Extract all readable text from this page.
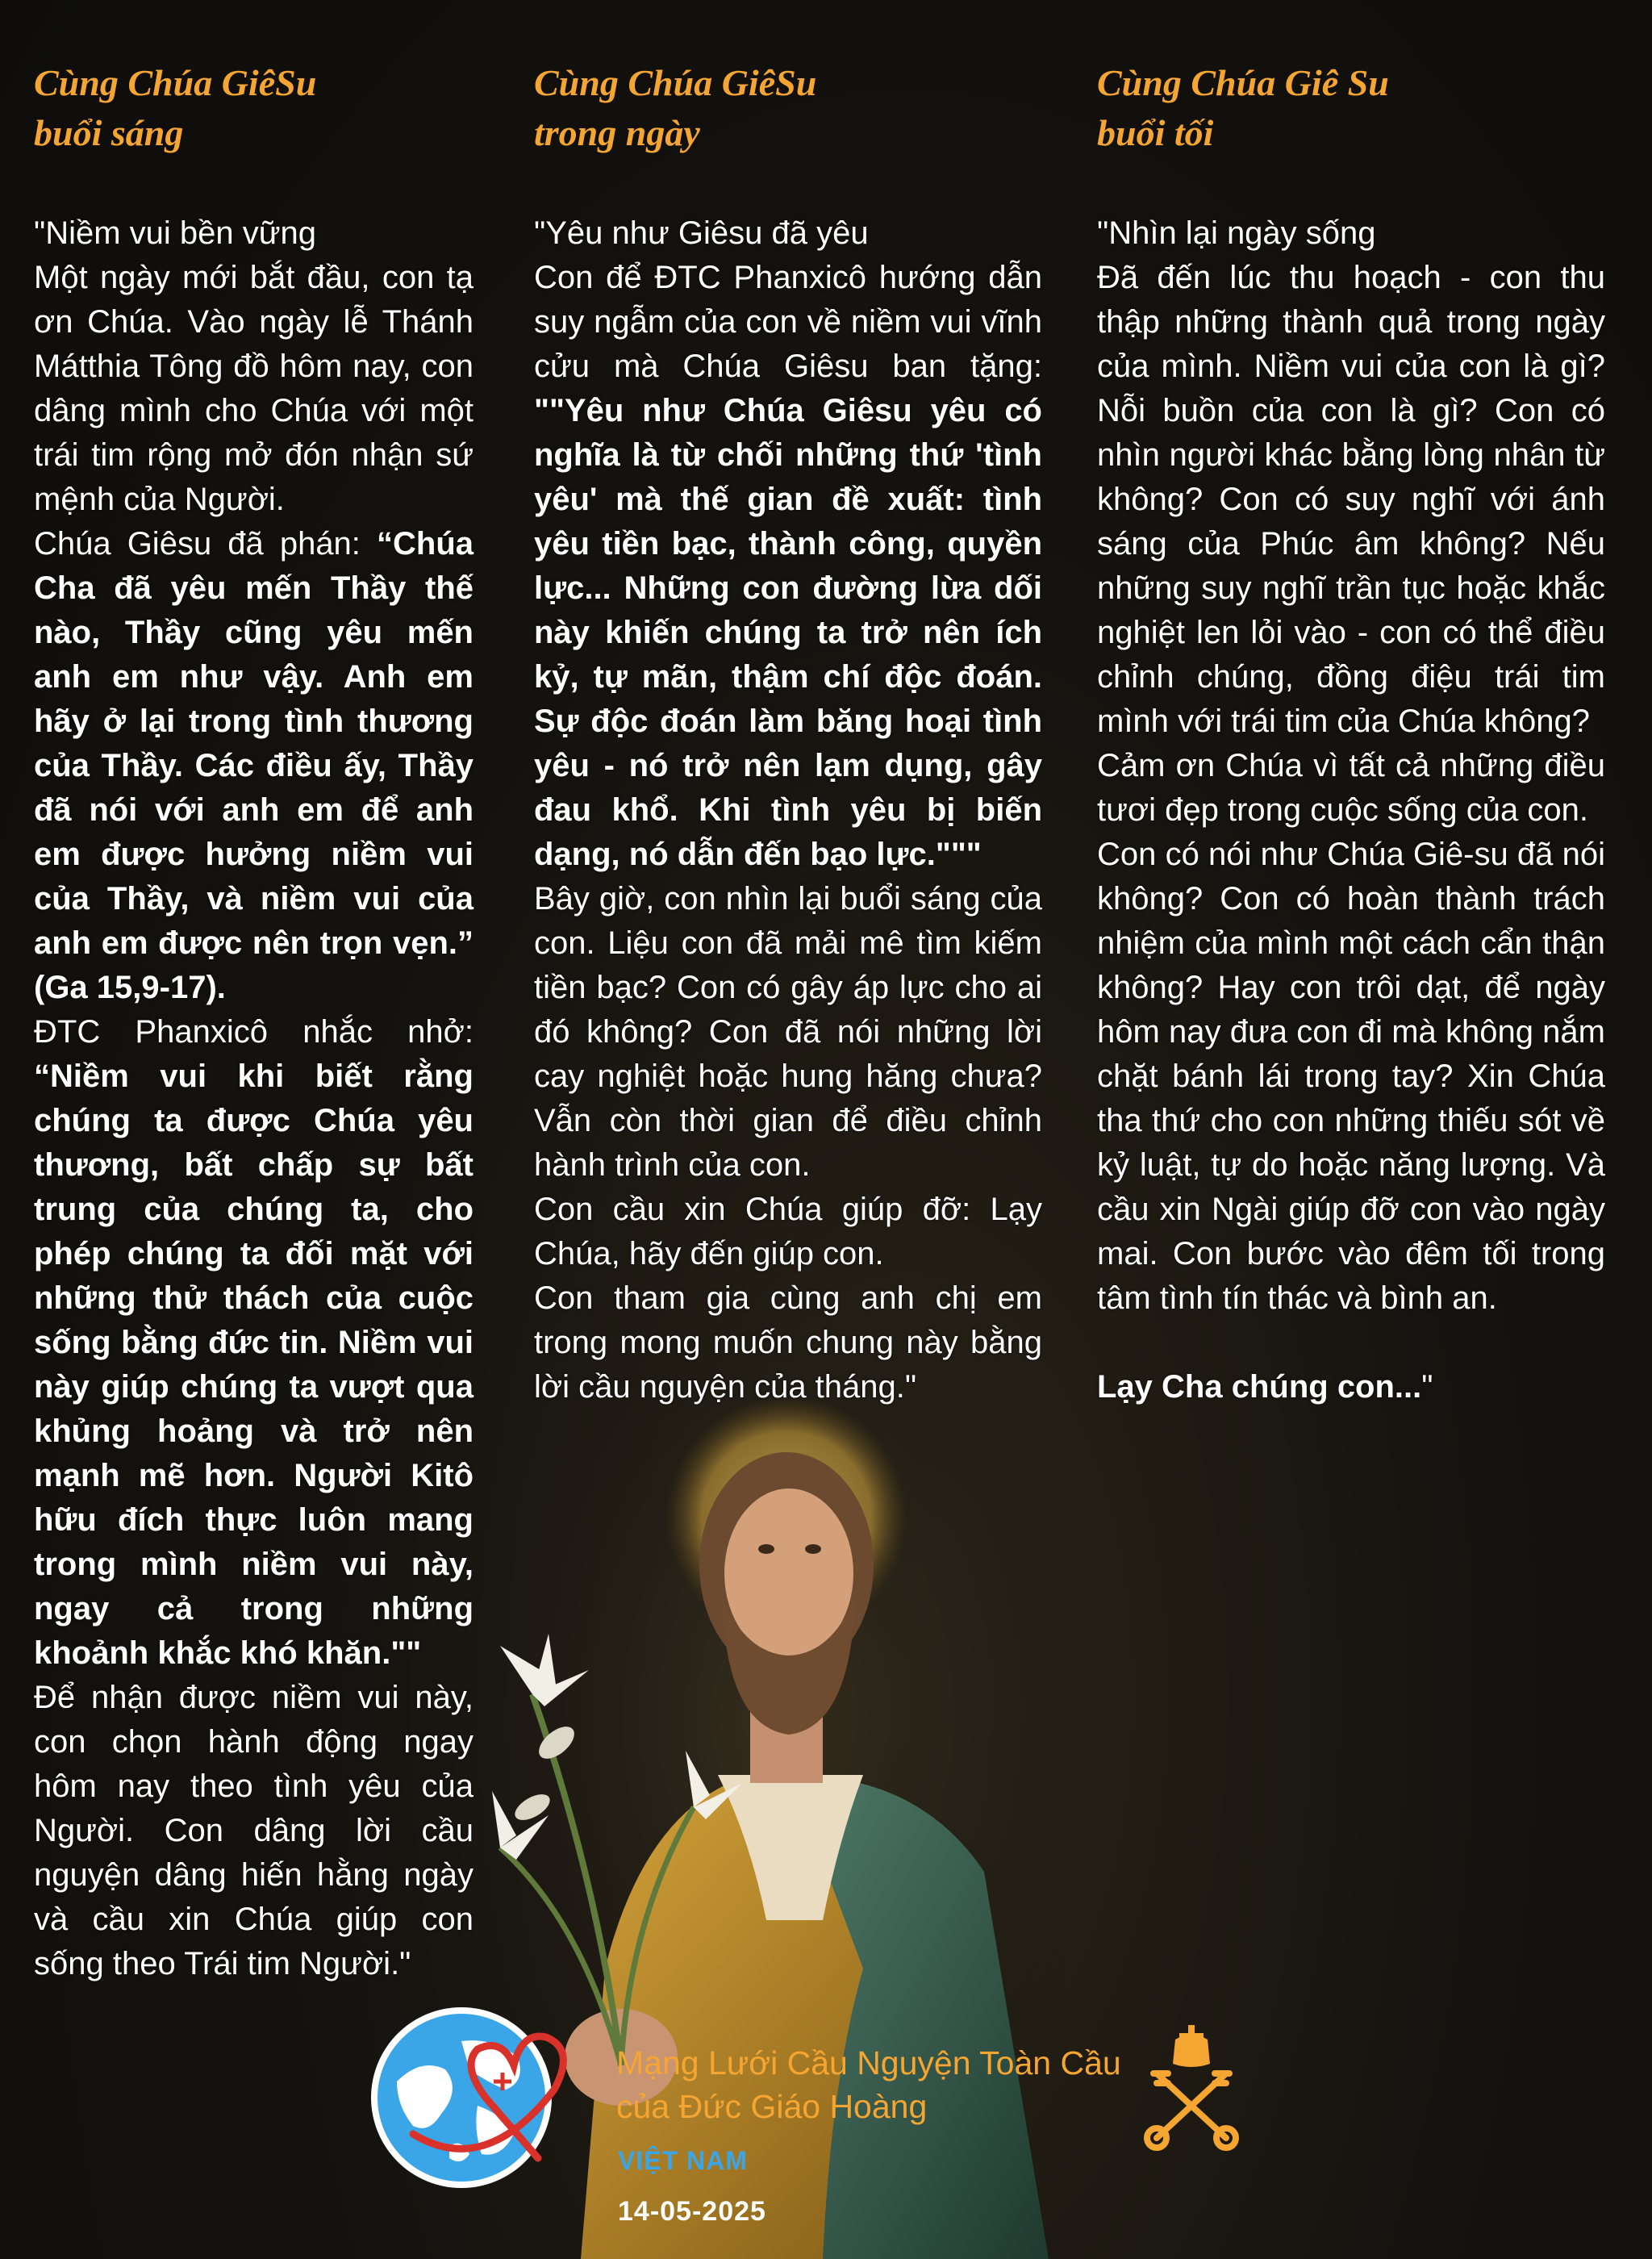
Cùng Chúa GiêSu
buổi sáng

"Niềm vui bền vững

Một ngày mới bắt đầu, con tạ ơn Chúa. Vào ngày lễ Thánh Mátthia Tông đồ hôm nay, con dâng mình cho Chúa với một trái tim rộng mở đón nhận sứ mệnh của Người.

Chúa Giêsu đã phán: “Chúa Cha đã yêu mến Thầy thế nào, Thầy cũng yêu mến anh em như vậy. Anh em hãy ở lại trong tình thương của Thầy. Các điều ấy, Thầy đã nói với anh em để anh em được hưởng niềm vui của Thầy, và niềm vui của anh em được nên trọn vẹn.” (Ga 15,9-17).

ĐTC Phanxicô nhắc nhở: “Niềm vui khi biết rằng chúng ta được Chúa yêu thương, bất chấp sự bất trung của chúng ta, cho phép chúng ta đối mặt với những thử thách của cuộc sống bằng đức tin. Niềm vui này giúp chúng ta vượt qua khủng hoảng và trở nên mạnh mẽ hơn. Người Kitô hữu đích thực luôn mang trong mình niềm vui này, ngay cả trong những khoảnh khắc khó khăn.""

Để nhận được niềm vui này, con chọn hành động ngay hôm nay theo tình yêu của Người. Con dâng lời cầu nguyện dâng hiến hằng ngày và cầu xin Chúa giúp con sống theo Trái tim Người."

Cùng Chúa GiêSu
trong ngày

"Yêu như Giêsu đã yêu

Con để ĐTC Phanxicô hướng dẫn suy ngẫm của con về niềm vui vĩnh cửu mà Chúa Giêsu ban tặng: ""Yêu như Chúa Giêsu yêu có nghĩa là từ chối những thứ 'tình yêu' mà thế gian đề xuất: tình yêu tiền bạc, thành công, quyền lực... Những con đường lừa dối này khiến chúng ta trở nên ích kỷ, tự mãn, thậm chí độc đoán. Sự độc đoán làm băng hoại tình yêu - nó trở nên lạm dụng, gây đau khổ. Khi tình yêu bị biến dạng, nó dẫn đến bạo lực."""

Bây giờ, con nhìn lại buổi sáng của con. Liệu con đã mải mê tìm kiếm tiền bạc? Con có gây áp lực cho ai đó không? Con đã nói những lời cay nghiệt hoặc hung hăng chưa? Vẫn còn thời gian để điều chỉnh hành trình của con.

Con cầu xin Chúa giúp đỡ: Lạy Chúa, hãy đến giúp con.

Con tham gia cùng anh chị em trong mong muốn chung này bằng lời cầu nguyện của tháng."

Cùng Chúa Giê Su
buổi tối

"Nhìn lại ngày sống

Đã đến lúc thu hoạch - con thu thập những thành quả trong ngày của mình. Niềm vui của con là gì? Nỗi buồn của con là gì? Con có nhìn người khác bằng lòng nhân từ không? Con có suy nghĩ với ánh sáng của Phúc âm không? Nếu những suy nghĩ trần tục hoặc khắc nghiệt len lỏi vào - con có thể điều chỉnh chúng, đồng điệu trái tim mình với trái tim của Chúa không?

Cảm ơn Chúa vì tất cả những điều tươi đẹp trong cuộc sống của con.

Con có nói như Chúa Giê-su đã nói không? Con có hoàn thành trách nhiệm của mình một cách cẩn thận không? Hay con trôi dạt, để ngày hôm nay đưa con đi mà không nắm chặt bánh lái trong tay? Xin Chúa tha thứ cho con những thiếu sót về kỷ luật, tự do hoặc năng lượng. Và cầu xin Ngài giúp đỡ con vào ngày mai. Con bước vào đêm tối trong tâm tình tín thác và bình an.

Lạy Cha chúng con..."

Mạng Lưới Cầu Nguyện Toàn Cầu
của Đức Giáo Hoàng
VIỆT NAM
14-05-2025
